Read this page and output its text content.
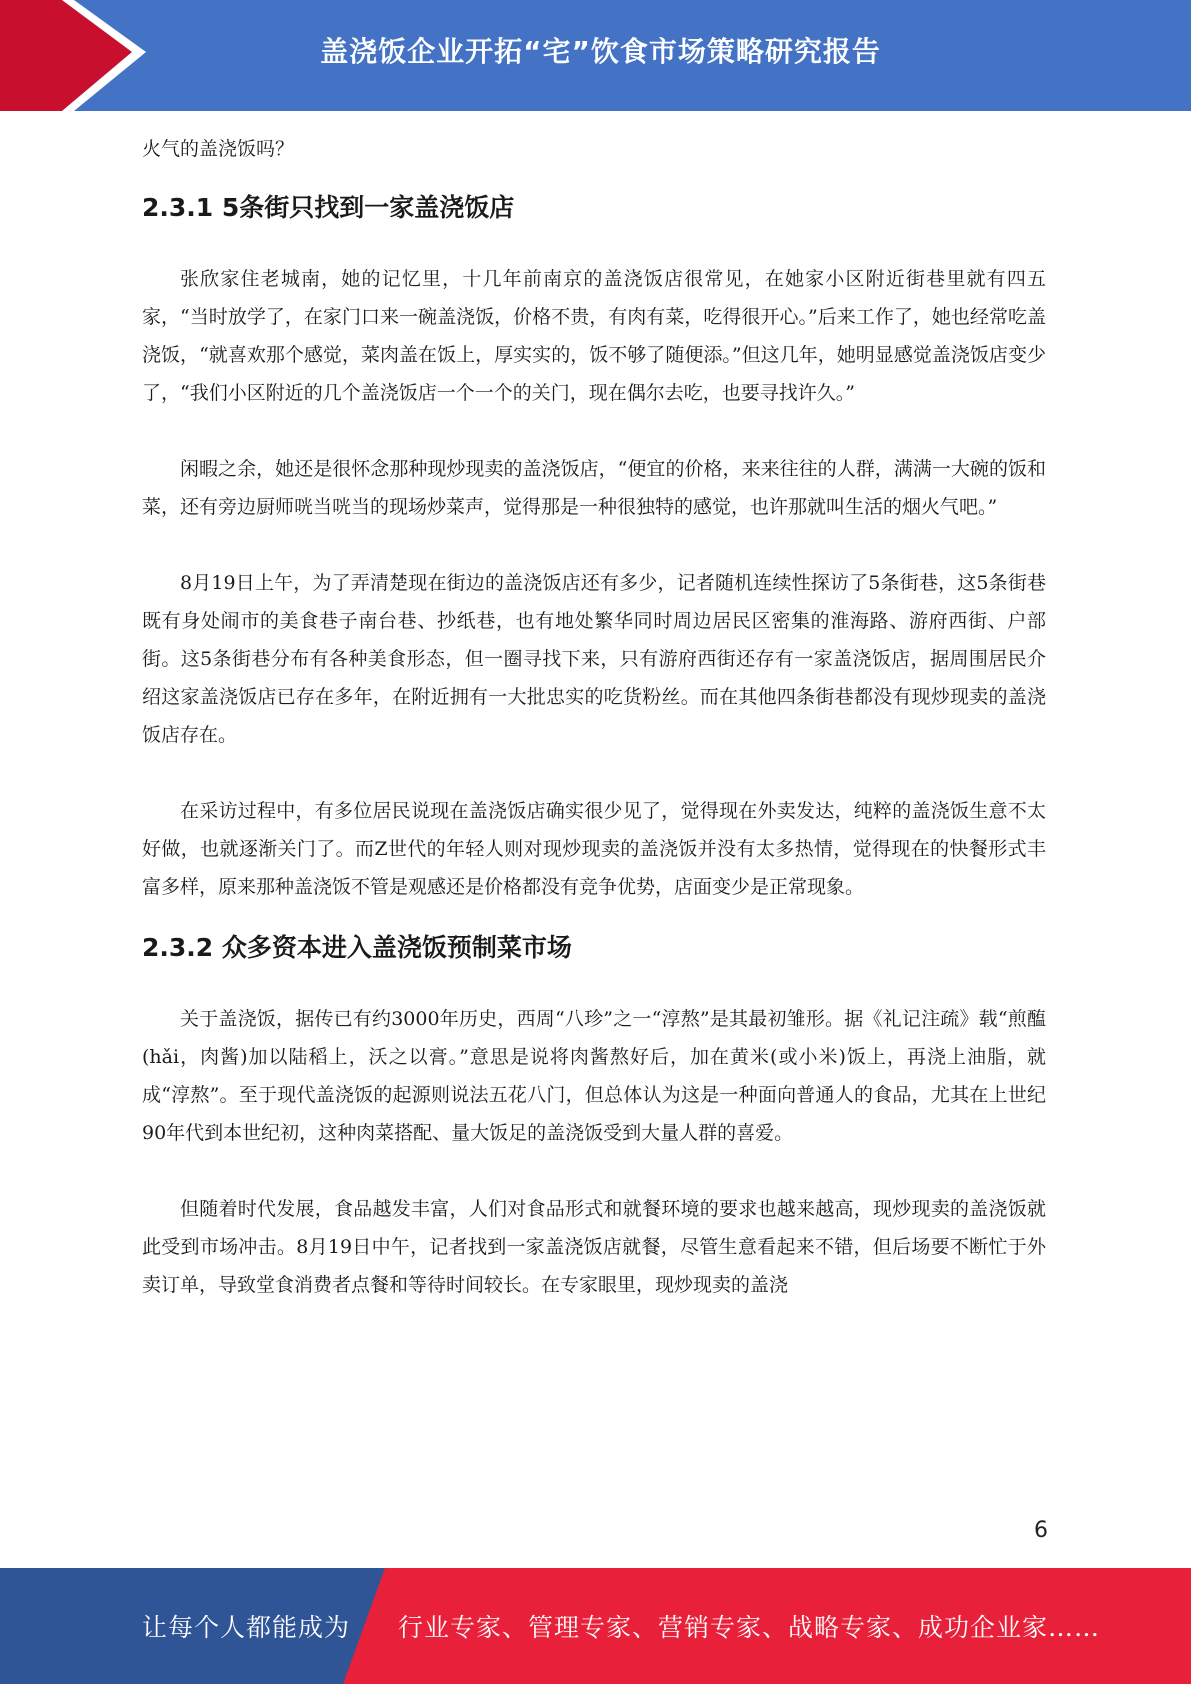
盖浇饭企业开拓“宅”饮食市场策略研究报告

火气的盖浇饭吗？

2.3.1 5条街只找到一家盖浇饭店

张欣家住老城南，她的记忆里，十几年前南京的盖浇饭店很常见，在她家小区附近街巷里就有四五家，“当时放学了，在家门口来一碗盖浇饭，价格不贵，有肉有菜，吃得很开心。”后来工作了，她也经常吃盖浇饭，“就喜欢那个感觉，菜肉盖在饭上，厚实实的，饭不够了随便添。”但这几年，她明显感觉盖浇饭店变少了，“我们小区附近的几个盖浇饭店一个一个的关门，现在偶尔去吃，也要寻找许久。”

闲暇之余，她还是很怀念那种现炒现卖的盖浇饭店，“便宜的价格，来来往往的人群，满满一大碗的饭和菜，还有旁边厨师咣当咣当的现场炒菜声，觉得那是一种很独特的感觉，也许那就叫生活的烟火气吧。”

8月19日上午，为了弄清楚现在街边的盖浇饭店还有多少，记者随机连续性探访了5条街巷，这5条街巷既有身处闹市的美食巷子南台巷、抄纸巷，也有地处繁华同时周边居民区密集的淮海路、游府西街、户部街。这5条街巷分布有各种美食形态，但一圈寻找下来，只有游府西街还存有一家盖浇饭店，据周围居民介绍这家盖浇饭店已存在多年，在附近拥有一大批忠实的吃货粉丝。而在其他四条街巷都没有现炒现卖的盖浇饭店存在。

在采访过程中，有多位居民说现在盖浇饭店确实很少见了，觉得现在外卖发达，纯粹的盖浇饭生意不太好做，也就逐渐关门了。而Z世代的年轻人则对现炒现卖的盖浇饭并没有太多热情，觉得现在的快餐形式丰富多样，原来那种盖浇饭不管是观感还是价格都没有竞争优势，店面变少是正常现象。

2.3.2 众多资本进入盖浇饭预制菜市场

关于盖浇饭，据传已有约3000年历史，西周“八珍”之一“淳熬”是其最初雏形。据《礼记注疏》载“煎醢(hǎi，肉酱)加以陆稻上，沃之以膏。”意思是说将肉酱熬好后，加在黄米(或小米)饭上，再浇上油脂，就成“淳熬”。至于现代盖浇饭的起源则说法五花八门，但总体认为这是一种面向普通人的食品，尤其在上世纪90年代到本世纪初，这种肉菜搭配、量大饭足的盖浇饭受到大量人群的喜爱。

但随着时代发展，食品越发丰富，人们对食品形式和就餐环境的要求也越来越高，现炒现卖的盖浇饭就此受到市场冲击。8月19日中午，记者找到一家盖浇饭店就餐，尽管生意看起来不错，但后场要不断忙于外卖订单，导致堂食消费者点餐和等待时间较长。在专家眼里，现炒现卖的盖浇

6
让每个人都能成为 行业专家、管理专家、营销专家、战略专家、成功企业家……
